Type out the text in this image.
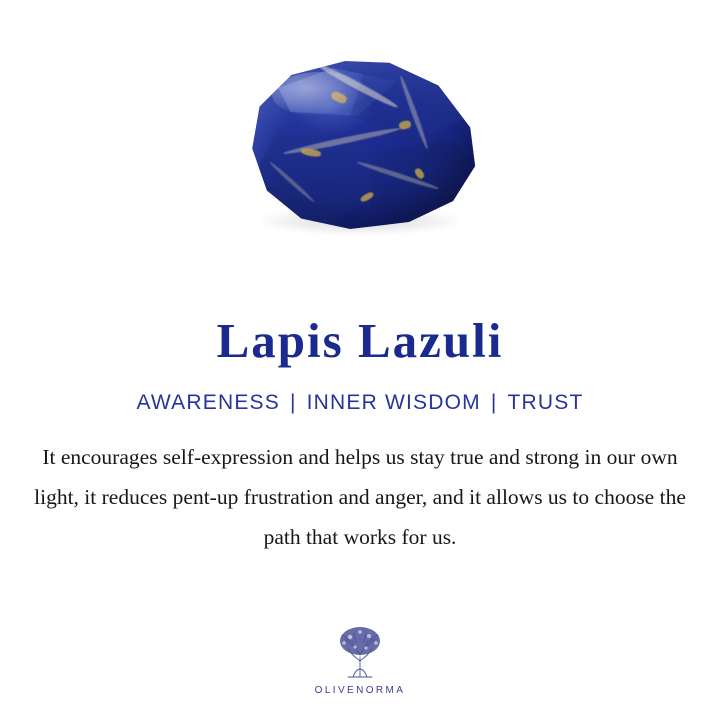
Lapis Lazuli
AWARENESS | INNER WISDOM | TRUST
It encourages self-expression and helps us stay true and strong in our own light, it reduces pent-up frustration and anger, and it allows us to choose the path that works for us.
OLIVENORMA
